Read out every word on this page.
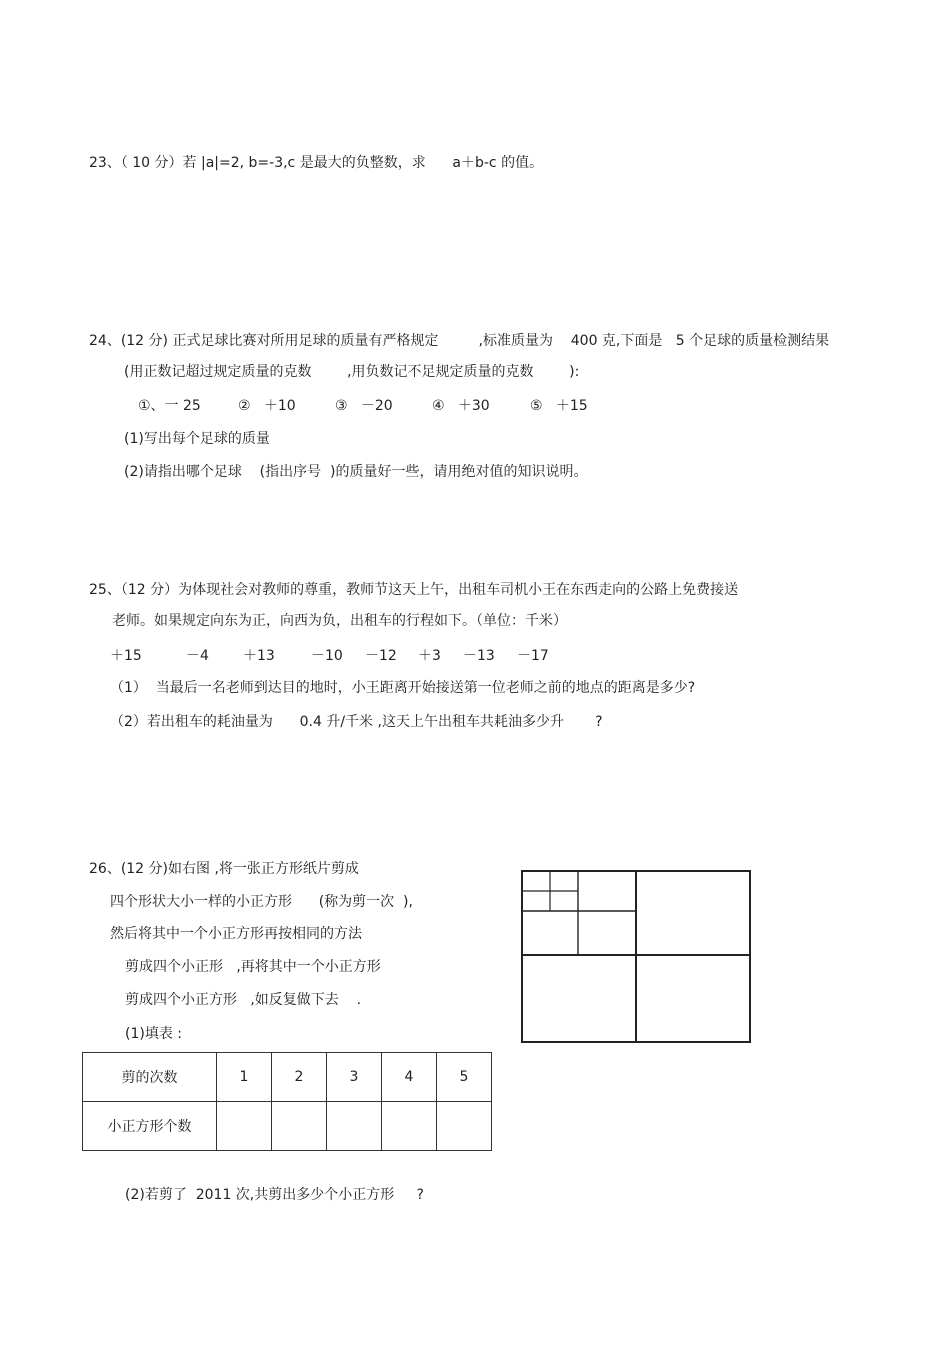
23、（ 10 分）若 |a|=2, b=-3,c 是最大的负整数，求      a＋b-c 的值。
24、(12 分) 正式足球比赛对所用足球的质量有严格规定         ,标准质量为    400 克,下面是   5 个足球的质量检测结果
(用正数记超过规定质量的克数        ,用负数记不足规定质量的克数        ):
①、一 25	②   ＋10	③   －20	④   ＋30	⑤   ＋15
(1)写出每个足球的质量
(2)请指出哪个足球    (指出序号  )的质量好一些，请用绝对值的知识说明。
25、（12 分）为体现社会对教师的尊重，教师节这天上午，出租车司机小王在东西走向的公路上免费接送
老师。如果规定向东为正，向西为负，出租车的行程如下。（单位：千米）
＋15	－4 ＋13	－10 －12 ＋3 －13 －17
（1）  当最后一名老师到达目的地时，小王距离开始接送第一位老师之前的地点的距离是多少?
（2）若出租车的耗油量为      0.4 升/千米 ,这天上午出租车共耗油多少升       ?
26、(12 分)如右图 ,将一张正方形纸片剪成
四个形状大小一样的小正方形      (称为剪一次  ),
然后将其中一个小正方形再按相同的方法
剪成四个小正形   ,再将其中一个小正方形
剪成四个小正方形   ,如反复做下去    .
(1)填表 :
剪的次数	1	2	3	4	5
小正方形个数					
(2)若剪了  2011 次,共剪出多少个小正方形     ?
